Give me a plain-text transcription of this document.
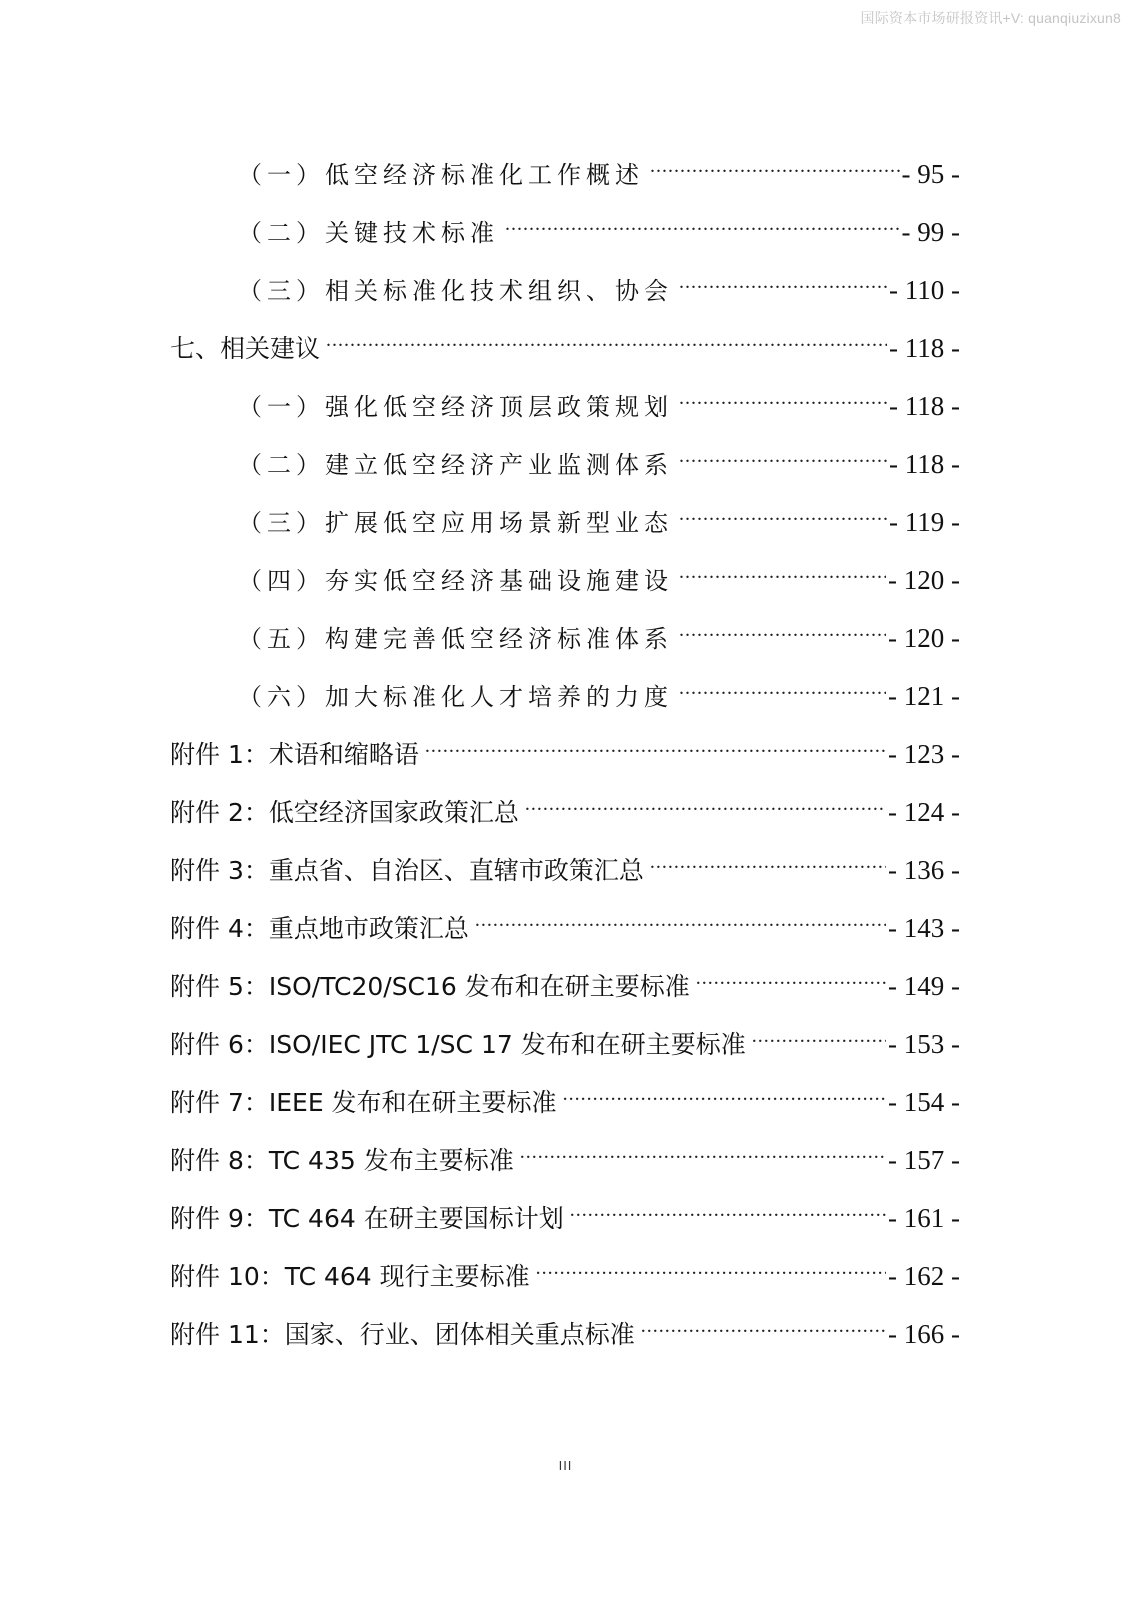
国际资本市场研报资讯+V: quanqiuzixun8
（一）低空经济标准化工作概述 .....	- 95 -
（二）关键技术标准 .....	- 99 -
（三）相关标准化技术组织、协会 .....	- 110 -
七、相关建议 .....	- 118 -
（一）强化低空经济顶层政策规划 .....	- 118 -
（二）建立低空经济产业监测体系 .....	- 118 -
（三）扩展低空应用场景新型业态 .....	- 119 -
（四）夯实低空经济基础设施建设 .....	- 120 -
（五）构建完善低空经济标准体系 .....	- 120 -
（六）加大标准化人才培养的力度 .....	- 121 -
附件 1：术语和缩略语 .....	- 123 -
附件 2：低空经济国家政策汇总 .....	- 124 -
附件 3：重点省、自治区、直辖市政策汇总 .....	- 136 -
附件 4：重点地市政策汇总 .....	- 143 -
附件 5：ISO/TC20/SC16 发布和在研主要标准 .....	- 149 -
附件 6：ISO/IEC JTC 1/SC 17 发布和在研主要标准 .....	- 153 -
附件 7：IEEE 发布和在研主要标准 .....	- 154 -
附件 8：TC 435 发布主要标准 .....	- 157 -
附件 9：TC 464 在研主要国标计划 .....	- 161 -
附件 10：TC 464 现行主要标准 .....	- 162 -
附件 11：国家、行业、团体相关重点标准 .....	- 166 -
III
